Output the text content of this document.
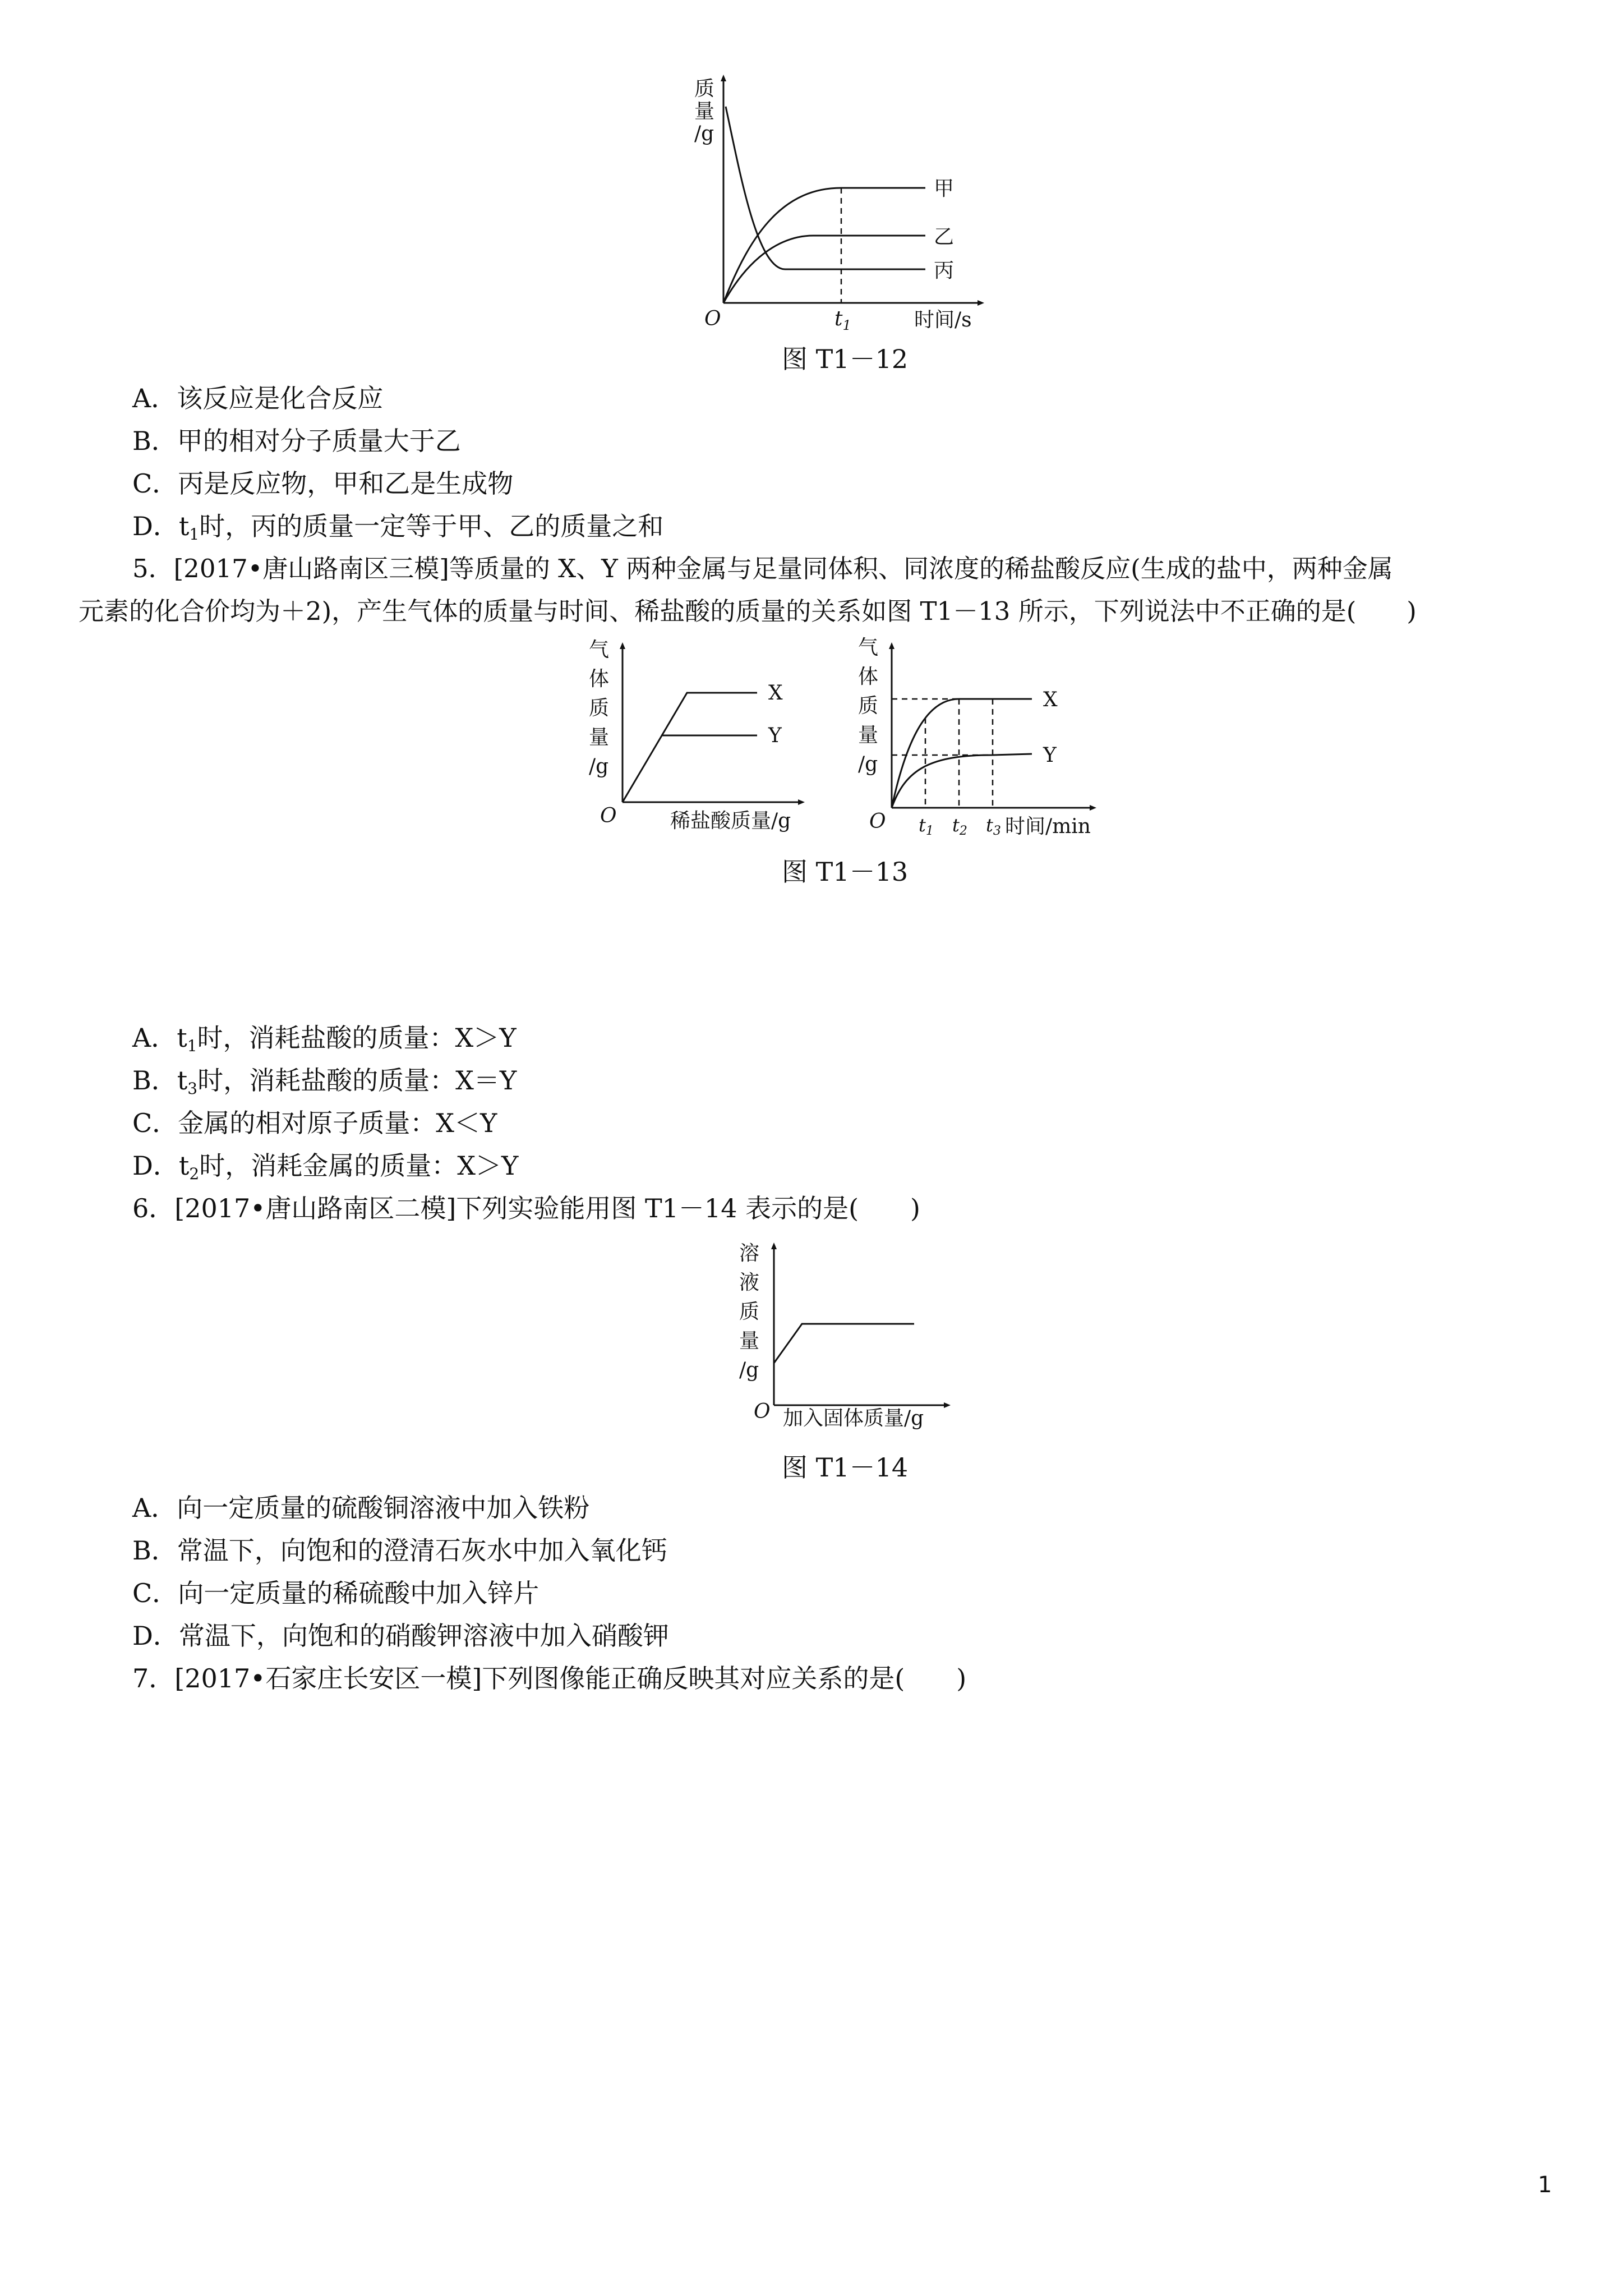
质
量
/g
O	$t_1$	时间/s
甲
乙
丙
图 T1－12
A．该反应是化合反应
B．甲的相对分子质量大于乙
C．丙是反应物，甲和乙是生成物
D．$t_1$时，丙的质量一定等于甲、乙的质量之和
5．[2017•唐山路南区三模]等质量的 X、Y 两种金属与足量同体积、同浓度的稀盐酸反应(生成的盐中，两种金属
元素的化合价均为＋2)，产生气体的质量与时间、稀盐酸的质量的关系如图 T1－13 所示，下列说法中不正确的是(　　)
气
体
质
量
/g
O	稀盐酸质量/g
X
Y
气
体
质
量
/g
O
X
Y
t1 t2 t3 时间/min
图 T1－13
A．$t_1$时，消耗盐酸的质量：X＞Y
B．$t_3$时，消耗盐酸的质量：X＝Y
C．金属的相对原子质量：X＜Y
D．$t_2$时，消耗金属的质量：X＞Y
6．[2017•唐山路南区二模]下列实验能用图 T1－14 表示的是(　　)
溶
液
质
量
/g
O 加入固体质量/g
图 T1－14
A．向一定质量的硫酸铜溶液中加入铁粉
B．常温下，向饱和的澄清石灰水中加入氧化钙
C．向一定质量的稀硫酸中加入锌片
D．常温下，向饱和的硝酸钾溶液中加入硝酸钾
7．[2017•石家庄长安区一模]下列图像能正确反映其对应关系的是(　　)
1
